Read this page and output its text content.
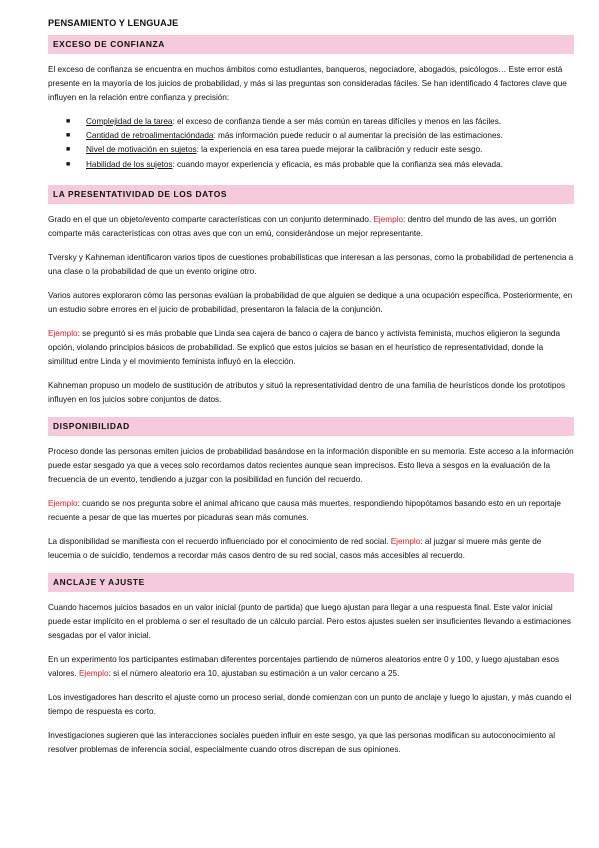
PENSAMIENTO Y LENGUAJE
EXCESO DE CONFIANZA

El exceso de confianza se encuentra en muchos ámbitos como estudiantes, banqueros, negociadore, abogados, psicólogos… Este error está presente en la mayoría de los juicios de probabilidad, y más si las preguntas son consideradas fáciles. Se han identificado 4 factores clave que influyen en la relación entre confianza y precisión:

■ Complejidad de la tarea: el exceso de confianza tiende a ser más común en tareas difíciles y menos en las fáciles.
■ Cantidad de retroalimentacióndada: más información puede reducir o al aumentar la precisión de las estimaciones.
■ Nivel de motivación en sujetos: la experiencia en esa tarea puede mejorar la calibración y reducir este sesgo.
■ Habilidad de los sujetos: cuando mayor experiencia y eficacia, es más probable que la confianza sea más elevada.
LA PRESENTATIVIDAD DE LOS DATOS

Grado en el que un objeto/evento comparte características con un conjunto determinado. Ejemplo: dentro del mundo de las aves, un gorrión comparte más características con otras aves que con un emú, considerándose un mejor representante.

Tversky y Kahneman identificaron varios tipos de cuestiones probabilísticas que interesan a las personas, como la probabilidad de pertenencia a una clase o la probabilidad de que un evento origine otro.

Varios autores exploraron cómo las personas evalúan la probabilidad de que alguien se dedique a una ocupación específica. Posteriormente, en un estudio sobre errores en el juicio de probabilidad, presentaron la falacia de la conjunción.

Ejemplo: se preguntó si es más probable que Linda sea cajera de banco o cajera de banco y activista feminista, muchos eligieron la segunda opción, violando principios básicos de probabilidad. Se explicó que estos juicios se basan en el heurístico de representatividad, donde la similitud entre Linda y el movimiento feminista influyó en la elección.

Kahneman propuso un modelo de sustitución de atributos y situó la representatividad dentro de una familia de heurísticos donde los prototipos influyen en los juicios sobre conjuntos de datos.

DISPONIBILIDAD

Proceso donde las personas emiten juicios de probabilidad basándose en la información disponible en su memoria. Este acceso a la información puede estar sesgado ya que a veces solo recordamos datos recientes aunque sean imprecisos. Esto lleva a sesgos en la evaluación de la frecuencia de un evento, tendiendo a juzgar con la posibilidad en función del recuerdo.

Ejemplo: cuando se nos pregunta sobre el animal africano que causa más muertes, respondiendo hipopótamos basando esto en un reportaje recuente a pesar de que las muertes por picaduras sean más comunes.

La disponibilidad se manifiesta con el recuerdo influenciado por el conocimiento de red social. Ejemplo: al juzgar si muere más gente de leucemia o de suicidio, tendemos a recordar más casos dentro de su red social, casos más accesibles al recuerdo.

ANCLAJE Y AJUSTE

Cuando hacemos juicios basados en un valor inicial (punto de partida) que luego ajustan para llegar a una respuesta final. Este valor inicial puede estar implícito en el problema o ser el resultado de un cálculo parcial. Pero estos ajustes suelen ser insuficientes llevando a estimaciones sesgadas por el valor inicial.

En un experimento los participantes estimaban diferentes porcentajes partiendo de números aleatorios entre 0 y 100, y luego ajustaban esos valores. Ejemplo: si el número aleatorio era 10, ajustaban su estimación a un valor cercano a 25.

Los investigadores han descrito el ajuste como un proceso serial, donde comienzan con un punto de anclaje y luego lo ajustan, y más cuando el tiempo de respuesta es corto.

Investigaciones sugieren que las interacciones sociales pueden influir en este sesgo, ya que las personas modifican su autoconocimiento al resolver problemas de inferencia social, especialmente cuando otros discrepan de sus opiniones.
